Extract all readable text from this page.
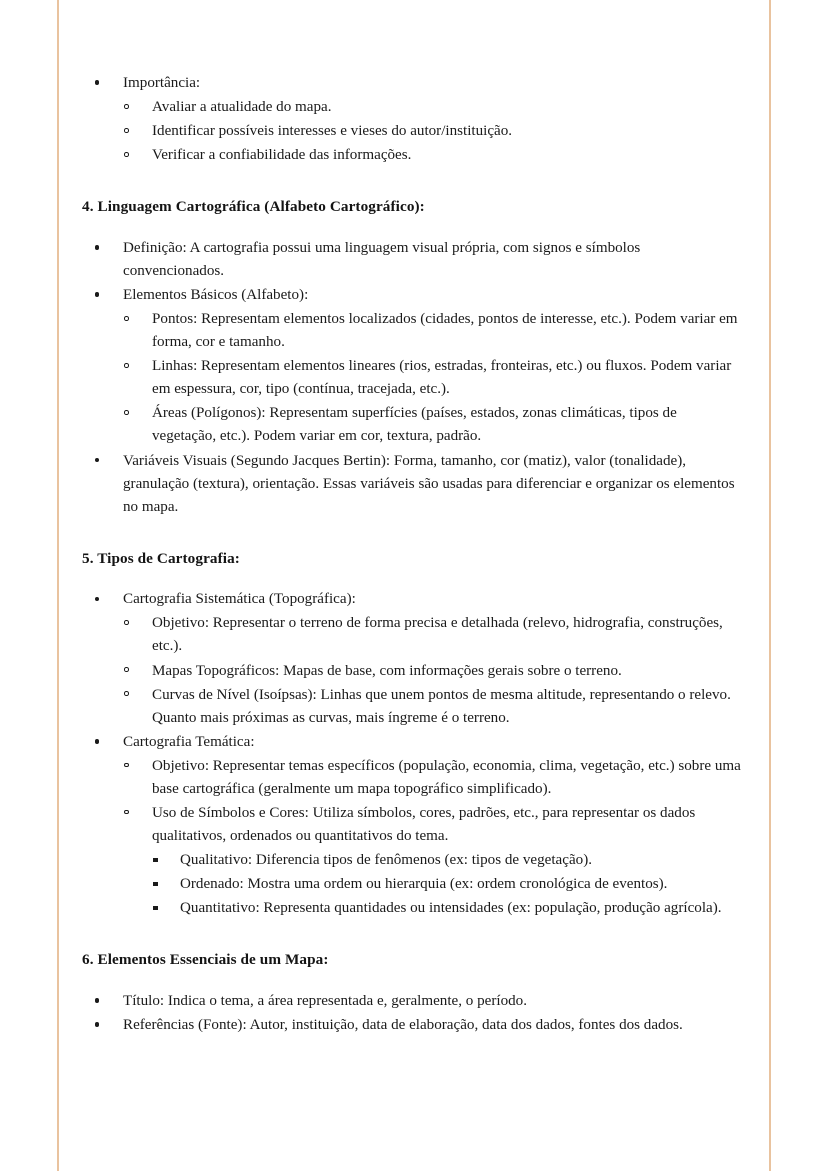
Importância:
Avaliar a atualidade do mapa.
Identificar possíveis interesses e vieses do autor/instituição.
Verificar a confiabilidade das informações.

4. Linguagem Cartográfica (Alfabeto Cartográfico):

Definição: A cartografia possui uma linguagem visual própria, com signos e símbolos convencionados.
Elementos Básicos (Alfabeto):
Pontos: Representam elementos localizados (cidades, pontos de interesse, etc.). Podem variar em forma, cor e tamanho.
Linhas: Representam elementos lineares (rios, estradas, fronteiras, etc.) ou fluxos. Podem variar em espessura, cor, tipo (contínua, tracejada, etc.).
Áreas (Polígonos): Representam superfícies (países, estados, zonas climáticas, tipos de vegetação, etc.). Podem variar em cor, textura, padrão.
Variáveis Visuais (Segundo Jacques Bertin): Forma, tamanho, cor (matiz), valor (tonalidade), granulação (textura), orientação. Essas variáveis são usadas para diferenciar e organizar os elementos no mapa.

5. Tipos de Cartografia:

Cartografia Sistemática (Topográfica):
Objetivo: Representar o terreno de forma precisa e detalhada (relevo, hidrografia, construções, etc.).
Mapas Topográficos: Mapas de base, com informações gerais sobre o terreno.
Curvas de Nível (Isoípsas): Linhas que unem pontos de mesma altitude, representando o relevo. Quanto mais próximas as curvas, mais íngreme é o terreno.
Cartografia Temática:
Objetivo: Representar temas específicos (população, economia, clima, vegetação, etc.) sobre uma base cartográfica (geralmente um mapa topográfico simplificado).
Uso de Símbolos e Cores: Utiliza símbolos, cores, padrões, etc., para representar os dados qualitativos, ordenados ou quantitativos do tema.
Qualitativo: Diferencia tipos de fenômenos (ex: tipos de vegetação).
Ordenado: Mostra uma ordem ou hierarquia (ex: ordem cronológica de eventos).
Quantitativo: Representa quantidades ou intensidades (ex: população, produção agrícola).

6. Elementos Essenciais de um Mapa:

Título: Indica o tema, a área representada e, geralmente, o período.
Referências (Fonte): Autor, instituição, data de elaboração, data dos dados, fontes dos dados.
